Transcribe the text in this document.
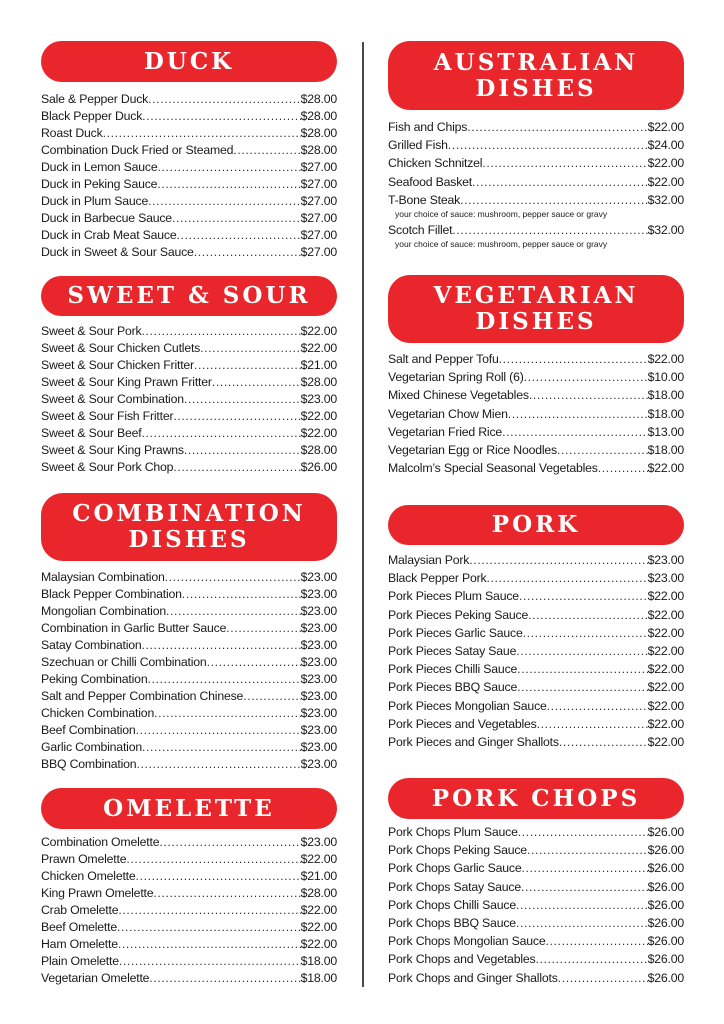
DUCK
Sale & Pepper Duck .....	$28.00
Black Pepper Duck .....	$28.00
Roast Duck .....	$28.00
Combination Duck Fried or Steamed .....	$28.00
Duck in Lemon Sauce .....	$27.00
Duck in Peking Sauce .....	$27.00
Duck in Plum Sauce .....	$27.00
Duck in Barbecue Sauce .....	$27.00
Duck in Crab Meat Sauce .....	$27.00
Duck in Sweet & Sour Sauce .....	$27.00
SWEET & SOUR
Sweet & Sour Pork .....	$22.00
Sweet & Sour Chicken Cutlets .....	$22.00
Sweet & Sour Chicken Fritter .....	$21.00
Sweet & Sour King Prawn Fritter .....	$28.00
Sweet & Sour Combination .....	$23.00
Sweet & Sour Fish Fritter .....	$22.00
Sweet & Sour Beef .....	$22.00
Sweet & Sour King Prawns .....	$28.00
Sweet & Sour Pork Chop .....	$26.00
COMBINATION
DISHES
Malaysian Combination .....	$23.00
Black Pepper Combination .....	$23.00
Mongolian Combination .....	$23.00
Combination in Garlic Butter Sauce .....	$23.00
Satay Combination .....	$23.00
Szechuan or Chilli Combination .....	$23.00
Peking Combination .....	$23.00
Salt and Pepper Combination Chinese .....	$23.00
Chicken Combination .....	$23.00
Beef Combination .....	$23.00
Garlic Combination .....	$23.00
BBQ Combination .....	$23.00
OMELETTE
Combination Omelette .....	$23.00
Prawn Omelette .....	$22.00
Chicken Omelette .....	$21.00
King Prawn Omelette .....	$28.00
Crab Omelette .....	$22.00
Beef Omelette .....	$22.00
Ham Omelette .....	$22.00
Plain Omelette .....	$18.00
Vegetarian Omelette .....	$18.00
AUSTRALIAN
DISHES
Fish and Chips .....	$22.00
Grilled Fish .....	$24.00
Chicken Schnitzel .....	$22.00
Seafood Basket .....	$22.00
T-Bone Steak .....	$32.00
your choice of sauce: mushroom, pepper sauce or gravy
Scotch Fillet .....	$32.00
your choice of sauce: mushroom, pepper sauce or gravy
VEGETARIAN
DISHES
Salt and Pepper Tofu .....	$22.00
Vegetarian Spring Roll (6) .....	$10.00
Mixed Chinese Vegetables .....	$18.00
Vegetarian Chow Mien .....	$18.00
Vegetarian Fried Rice .....	$13.00
Vegetarian Egg or Rice Noodles .....	$18.00
Malcolm’s Special Seasonal Vegetables .....	$22.00
PORK
Malaysian Pork .....	$23.00
Black Pepper Pork .....	$23.00
Pork Pieces Plum Sauce .....	$22.00
Pork Pieces Peking Sauce .....	$22.00
Pork Pieces Garlic Sauce .....	$22.00
Pork Pieces Satay Saue .....	$22.00
Pork Pieces Chilli Sauce .....	$22.00
Pork Pieces BBQ Sauce .....	$22.00
Pork Pieces Mongolian Sauce .....	$22.00
Pork Pieces and Vegetables .....	$22.00
Pork Pieces and Ginger Shallots .....	$22.00
PORK CHOPS
Pork Chops Plum Sauce .....	$26.00
Pork Chops Peking Sauce .....	$26.00
Pork Chops Garlic Sauce .....	$26.00
Pork Chops Satay Sauce .....	$26.00
Pork Chops Chilli Sauce .....	$26.00
Pork Chops BBQ Sauce .....	$26.00
Pork Chops Mongolian Sauce .....	$26.00
Pork Chops and Vegetables .....	$26.00
Pork Chops and Ginger Shallots .....	$26.00
